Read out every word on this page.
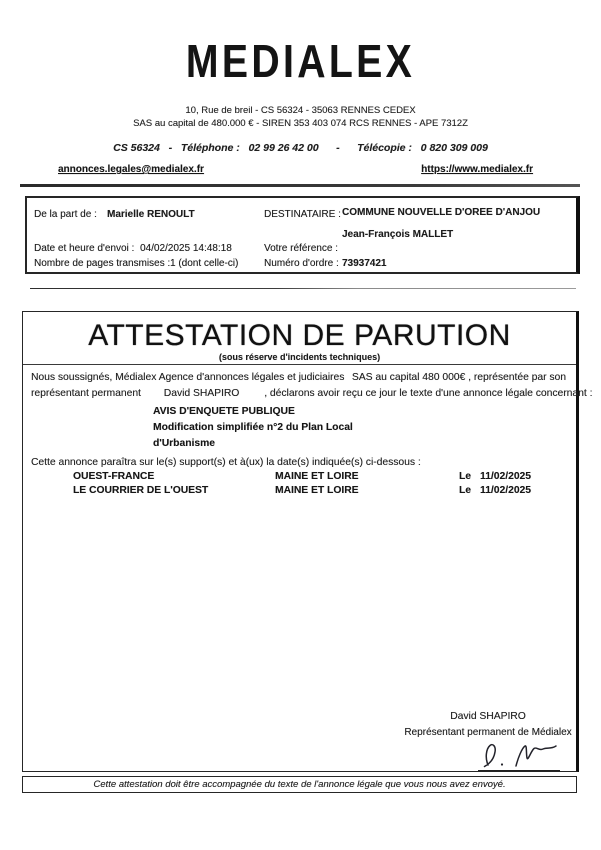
MEDIALEX
10, Rue de breil - CS 56324 - 35063 RENNES CEDEX
SAS au capital de 480.000 € - SIREN 353 403 074 RCS RENNES - APE 7312Z
CS 56324   -   Téléphone :   02 99 26 42 00      -      Télécopie :   0 820 309 009
annonces.legales@medialex.fr	https://www.medialex.fr
De la part de : Marielle RENOULT	DESTINATAIRE : COMMUNE NOUVELLE D'OREE D'ANJOU
Jean-François MALLET
Date et heure d'envoi : 04/02/2025 14:48:18	Votre référence :
Nombre de pages transmises : 1 (dont celle-ci)	Numéro d'ordre : 73937421
ATTESTATION DE PARUTION
(sous réserve d'incidents techniques)
Nous soussignés, Médialex Agence d'annonces légales et judiciaires SAS au capital 480 000€ , représentée par son
représentant permanent David SHAPIRO , déclarons avoir reçu ce jour le texte d'une annonce légale concernant :
AVIS D'ENQUETE PUBLIQUE
Modification simplifiée n°2 du Plan Local
d'Urbanisme
Cette annonce paraîtra sur le(s) support(s) et à(ux) la date(s) indiquée(s) ci-dessous :
OUEST-FRANCE	MAINE ET LOIRE	Le 11/02/2025
LE COURRIER DE L'OUEST	MAINE ET LOIRE	Le 11/02/2025
David SHAPIRO
Représentant permanent de Médialex
Cette attestation doit être accompagnée du texte de l'annonce légale que vous nous avez envoyé.
